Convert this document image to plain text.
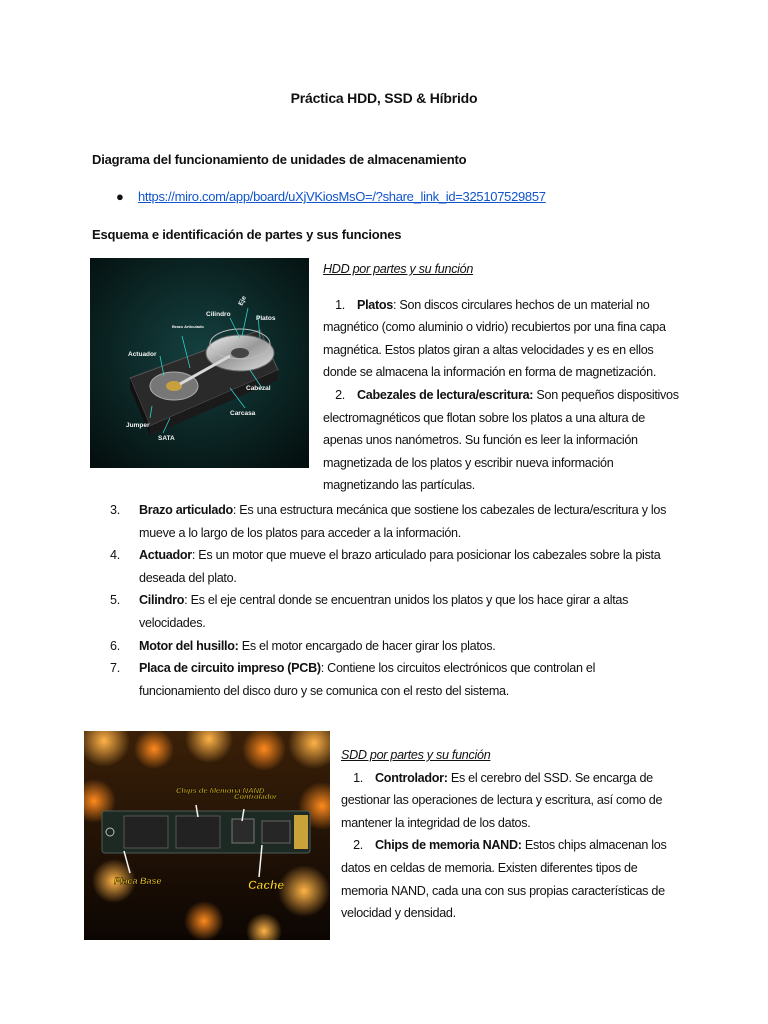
Práctica HDD, SSD & Híbrido
Diagrama del funcionamiento de unidades de almacenamiento
● https://miro.com/app/board/uXjVKiosMsO=/?share_link_id=325107529857
Esquema e identificación de partes y sus funciones
Cilindro
Eje
Platos
Brazo Articulado
Actuador
Cabezal
Carcasa
Jumper
SATA
HDD por partes y su función
1. Platos: Son discos circulares hechos de un material no magnético (como aluminio o vidrio) recubiertos por una fina capa magnética. Estos platos giran a altas velocidades y es en ellos donde se almacena la información en forma de magnetización.
2. Cabezales de lectura/escritura: Son pequeños dispositivos electromagnéticos que flotan sobre los platos a una altura de apenas unos nanómetros. Su función es leer la información magnetizada de los platos y escribir nueva información magnetizando las partículas.
3.	Brazo articulado: Es una estructura mecánica que sostiene los cabezales de lectura/escritura y los mueve a lo largo de los platos para acceder a la información.
4.	Actuador: Es un motor que mueve el brazo articulado para posicionar los cabezales sobre la pista deseada del plato.
5.	Cilindro: Es el eje central donde se encuentran unidos los platos y que los hace girar a altas velocidades.
6.	Motor del husillo: Es el motor encargado de hacer girar los platos.
7.	Placa de circuito impreso (PCB): Contiene los circuitos electrónicos que controlan el funcionamiento del disco duro y se comunica con el resto del sistema.
Chips de Memoria NAND
Controlador
Placa Base	Cache
SDD por partes y su función
1. Controlador: Es el cerebro del SSD. Se encarga de gestionar las operaciones de lectura y escritura, así como de mantener la integridad de los datos.
2. Chips de memoria NAND: Estos chips almacenan los datos en celdas de memoria. Existen diferentes tipos de memoria NAND, cada una con sus propias características de velocidad y densidad.
